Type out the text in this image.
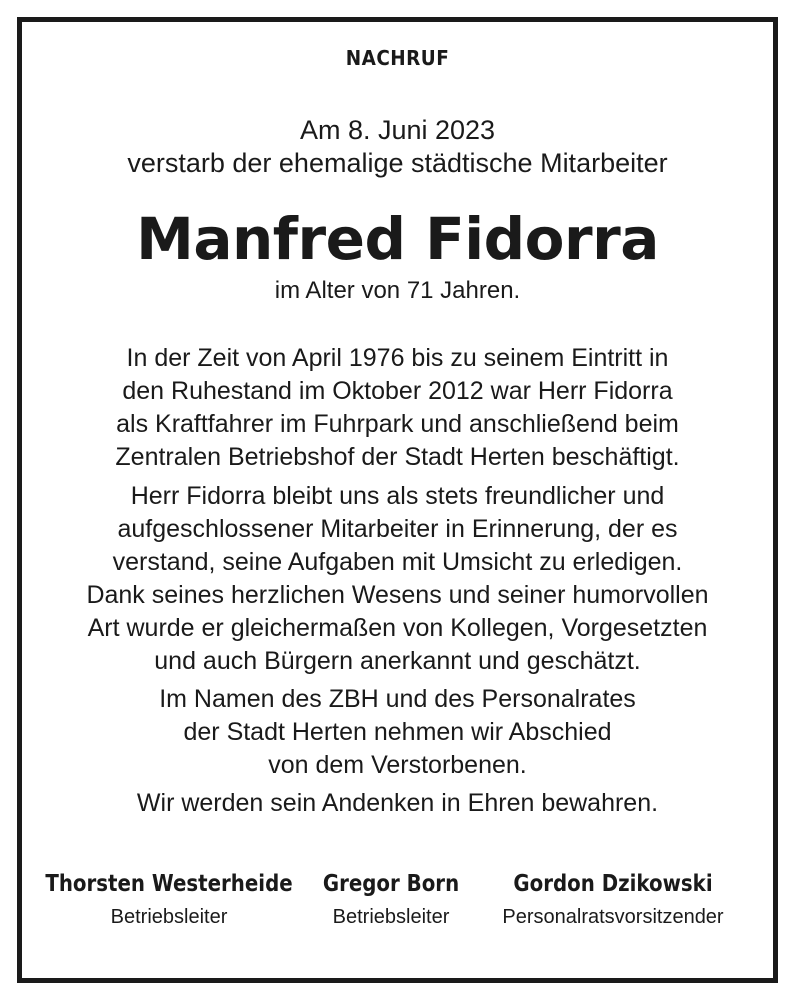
NACHRUF
Am 8. Juni 2023
verstarb der ehemalige städtische Mitarbeiter
Manfred Fidorra
im Alter von 71 Jahren.
In der Zeit von April 1976 bis zu seinem Eintritt in
den Ruhestand im Oktober 2012 war Herr Fidorra
als Kraftfahrer im Fuhrpark und anschließend beim
Zentralen Betriebshof der Stadt Herten beschäftigt.
Herr Fidorra bleibt uns als stets freundlicher und
aufgeschlossener Mitarbeiter in Erinnerung, der es
verstand, seine Aufgaben mit Umsicht zu erledigen.
Dank seines herzlichen Wesens und seiner humorvollen
Art wurde er gleichermaßen von Kollegen, Vorgesetzten
und auch Bürgern anerkannt und geschätzt.
Im Namen des ZBH und des Personalrates
der Stadt Herten nehmen wir Abschied
von dem Verstorbenen.
Wir werden sein Andenken in Ehren bewahren.
Thorsten Westerheide
Betriebsleiter
Gregor Born
Betriebsleiter
Gordon Dzikowski
Personalratsvorsitzender
